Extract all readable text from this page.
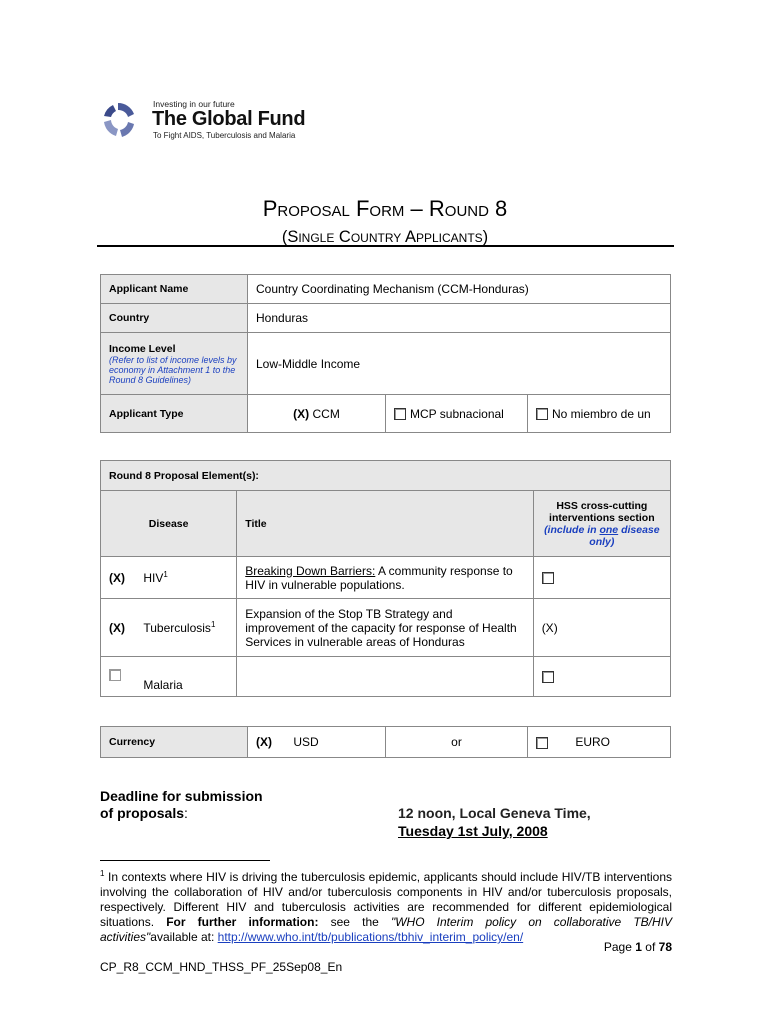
Investing in our future
The Global Fund
To Fight AIDS, Tuberculosis and Malaria
Proposal Form – Round 8
(Single Country Applicants)
Applicant Name	Country Coordinating Mechanism (CCM-Honduras)		
Country	Honduras		

Income Level
(Refer to list of income levels by economy in Attachment 1 to the Round 8 Guidelines)	Low-Middle Income		
Applicant Type	(X) CCM	MCP subnacional	No miembro de un
Round 8 Proposal Element(s):			
Disease		Title	HSS cross-cutting interventions section
(include in one disease only)

(X)	HIV$^1$	Breaking Down Barriers: A community response to HIV in vulnerable populations.	
(X)	Tuberculosis$^1$	Expansion of the Stop TB Strategy and improvement of the capacity for response of Health Services in vulnerable areas of Honduras	(X)
	Malaria		
Currency	(X) USD	or	EURO
Deadline for submission
of proposals:	12 noon, Local Geneva Time,
Tuesday 1st July, 2008
$^1$ In contexts where HIV is driving the tuberculosis epidemic, applicants should include HIV/TB interventions involving the collaboration of HIV and/or tuberculosis components in HIV and/or tuberculosis proposals, respectively. Different HIV and tuberculosis activities are recommended for different epidemiological situations. For further information: see the "WHO Interim policy on collaborative TB/HIV activities"available at: http://www.who.int/tb/publications/tbhiv_interim_policy/en/
Page 1 of 78
CP_R8_CCM_HND_THSS_PF_25Sep08_En
